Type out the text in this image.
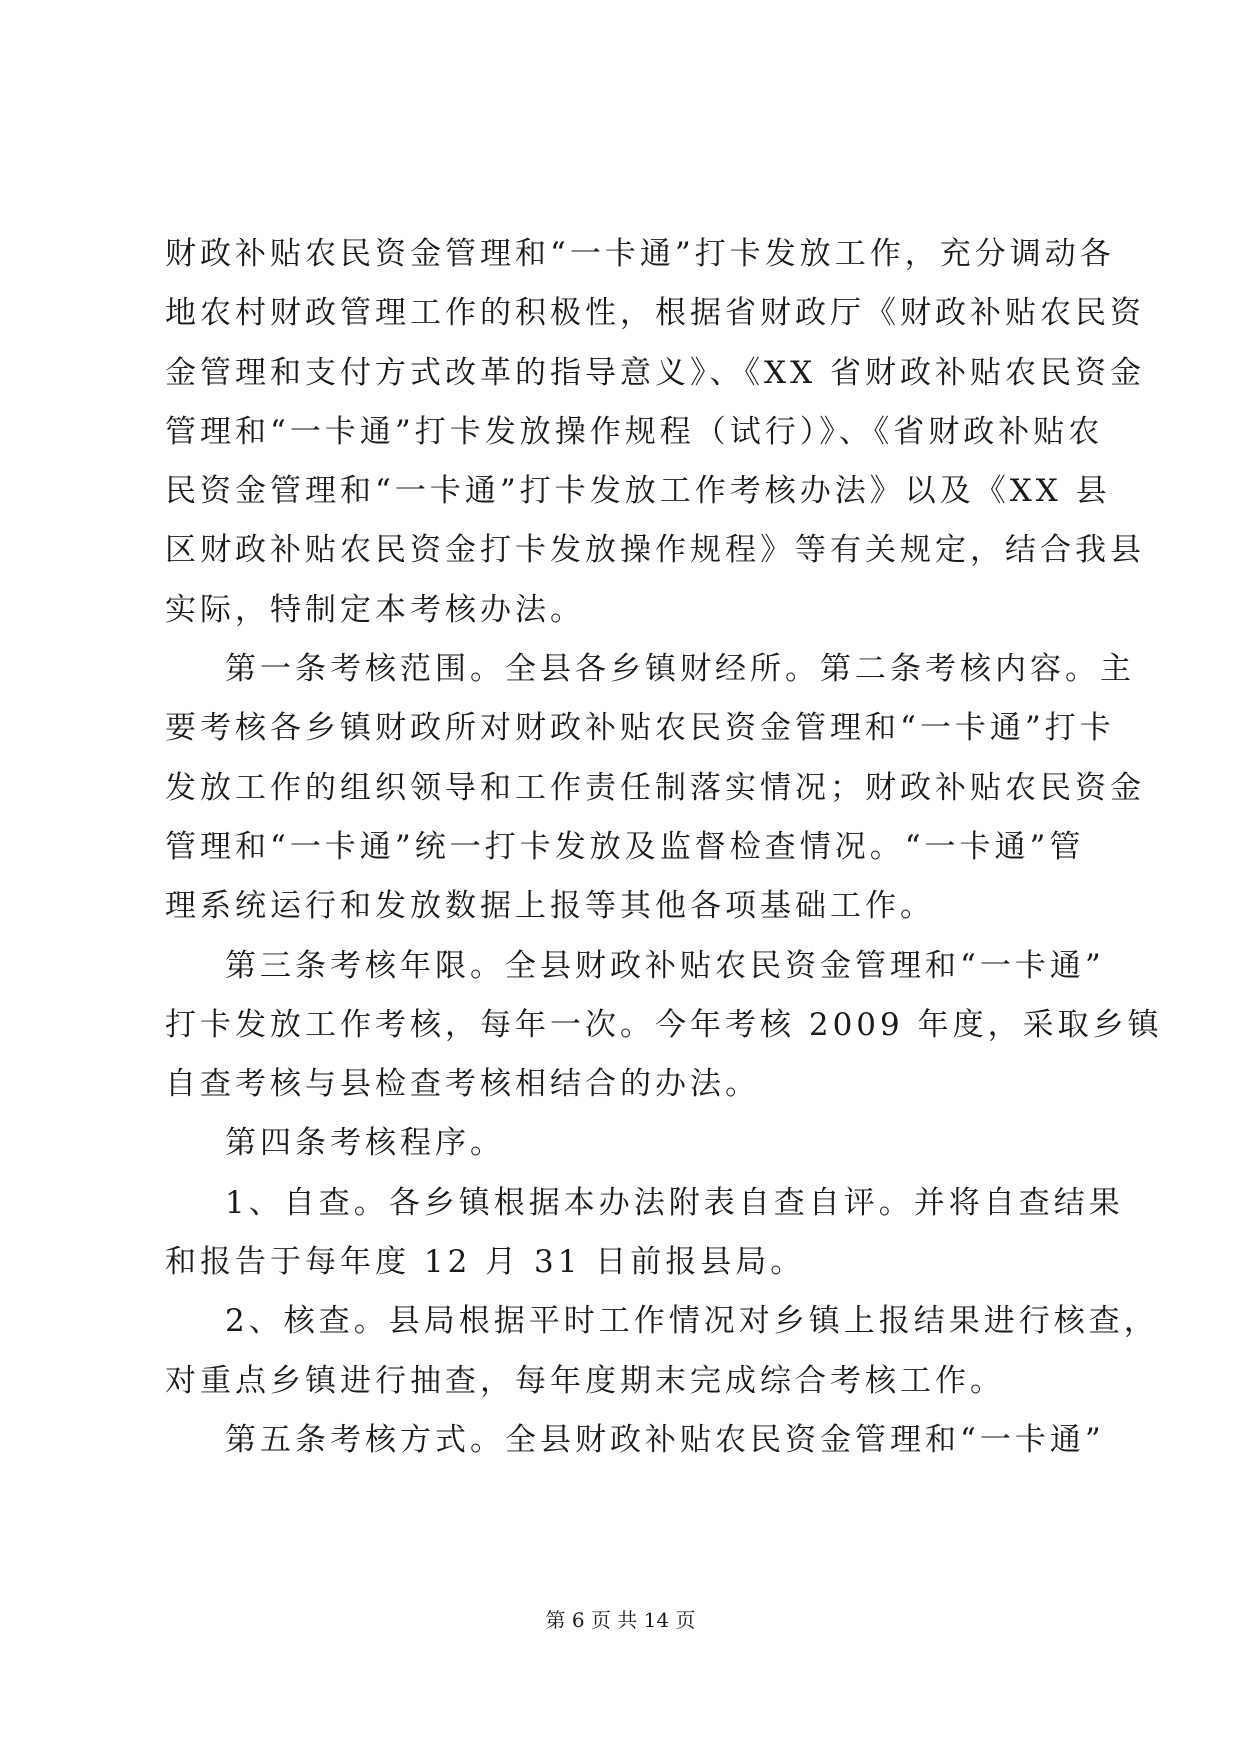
财政补贴农民资金管理和“一卡通”打卡发放工作，充分调动各
地农村财政管理工作的积极性，根据省财政厅《财政补贴农民资
金管理和支付方式改革的指导意义》、《XX 省财政补贴农民资金
管理和“一卡通”打卡发放操作规程（试行）》、《省财政补贴农
民资金管理和“一卡通”打卡发放工作考核办法》以及《XX 县
区财政补贴农民资金打卡发放操作规程》等有关规定，结合我县
实际，特制定本考核办法。

第一条考核范围。全县各乡镇财经所。第二条考核内容。主
要考核各乡镇财政所对财政补贴农民资金管理和“一卡通”打卡
发放工作的组织领导和工作责任制落实情况；财政补贴农民资金
管理和“一卡通”统一打卡发放及监督检查情况。“一卡通”管
理系统运行和发放数据上报等其他各项基础工作。

第三条考核年限。全县财政补贴农民资金管理和“一卡通”
打卡发放工作考核，每年一次。今年考核 2009 年度，采取乡镇
自查考核与县检查考核相结合的办法。

第四条考核程序。

1、自查。各乡镇根据本办法附表自查自评。并将自查结果
和报告于每年度 12 月 31 日前报县局。

2、核查。县局根据平时工作情况对乡镇上报结果进行核查，
对重点乡镇进行抽查，每年度期末完成综合考核工作。

第五条考核方式。全县财政补贴农民资金管理和“一卡通”

第 6 页 共 14 页
